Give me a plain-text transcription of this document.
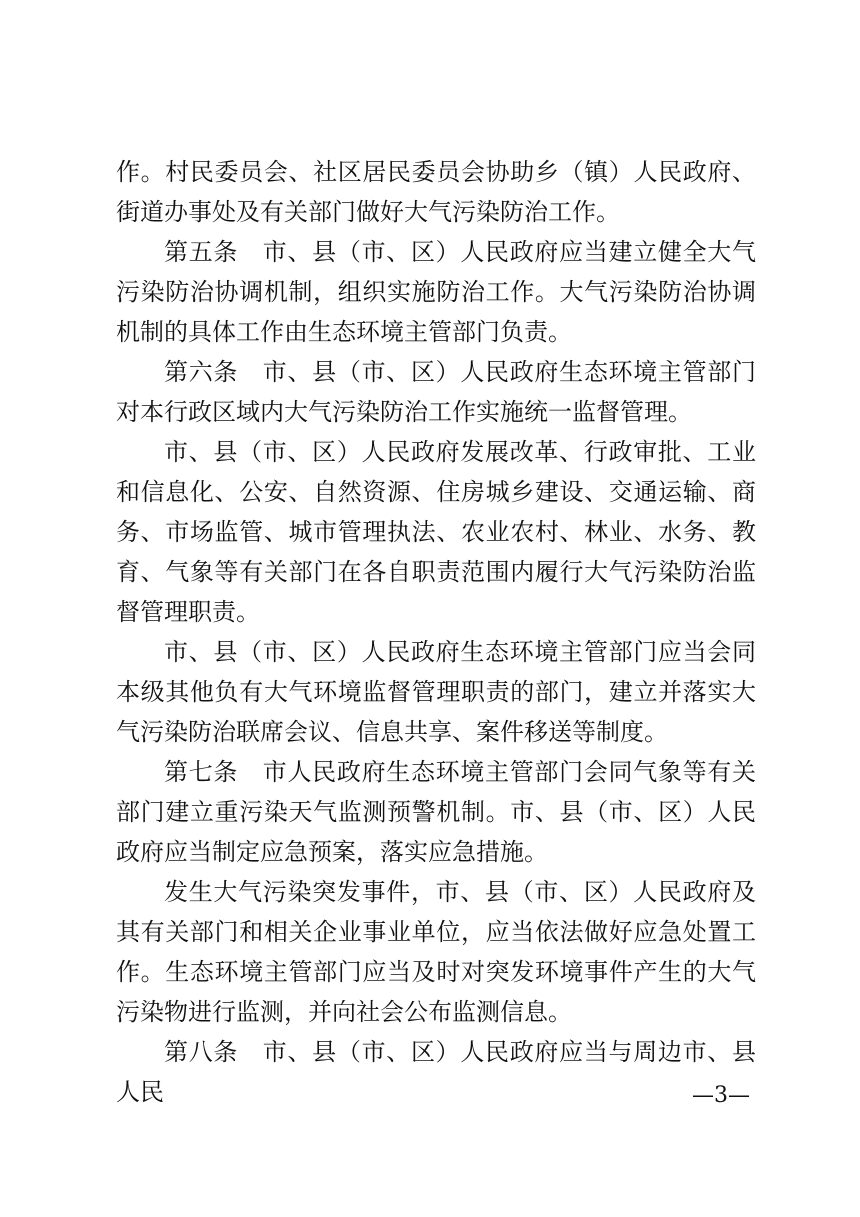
作。村民委员会、社区居民委员会协助乡（镇）人民政府、街道办事处及有关部门做好大气污染防治工作。

第五条　市、县（市、区）人民政府应当建立健全大气污染防治协调机制，组织实施防治工作。大气污染防治协调机制的具体工作由生态环境主管部门负责。

第六条　市、县（市、区）人民政府生态环境主管部门对本行政区域内大气污染防治工作实施统一监督管理。

市、县（市、区）人民政府发展改革、行政审批、工业和信息化、公安、自然资源、住房城乡建设、交通运输、商务、市场监管、城市管理执法、农业农村、林业、水务、教育、气象等有关部门在各自职责范围内履行大气污染防治监督管理职责。

市、县（市、区）人民政府生态环境主管部门应当会同本级其他负有大气环境监督管理职责的部门，建立并落实大气污染防治联席会议、信息共享、案件移送等制度。

第七条　市人民政府生态环境主管部门会同气象等有关部门建立重污染天气监测预警机制。市、县（市、区）人民政府应当制定应急预案，落实应急措施。

发生大气污染突发事件，市、县（市、区）人民政府及其有关部门和相关企业事业单位，应当依法做好应急处置工作。生态环境主管部门应当及时对突发环境事件产生的大气污染物进行监测，并向社会公布监测信息。

第八条　市、县（市、区）人民政府应当与周边市、县人民	—3—
